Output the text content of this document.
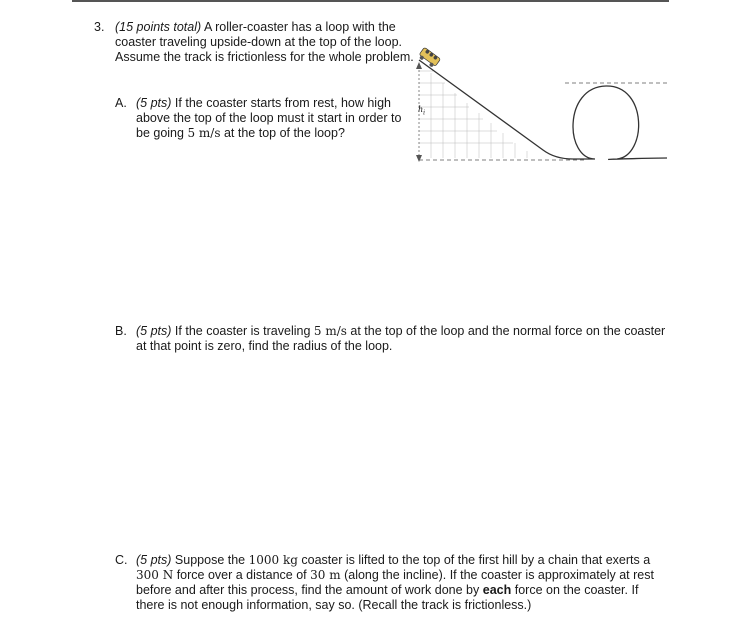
3. (15 points total) A roller-coaster has a loop with the coaster traveling upside-down at the top of the loop. Assume the track is frictionless for the whole problem.
A. (5 pts) If the coaster starts from rest, how high above the top of the loop must it start in order to be going 5 m/s at the top of the loop?
$h_i$
B. (5 pts) If the coaster is traveling 5 m/s at the top of the loop and the normal force on the coaster at that point is zero, find the radius of the loop.
C. (5 pts) Suppose the 1000 kg coaster is lifted to the top of the first hill by a chain that exerts a 300 N force over a distance of 30 m (along the incline). If the coaster is approximately at rest before and after this process, find the amount of work done by each force on the coaster. If there is not enough information, say so. (Recall the track is frictionless.)
